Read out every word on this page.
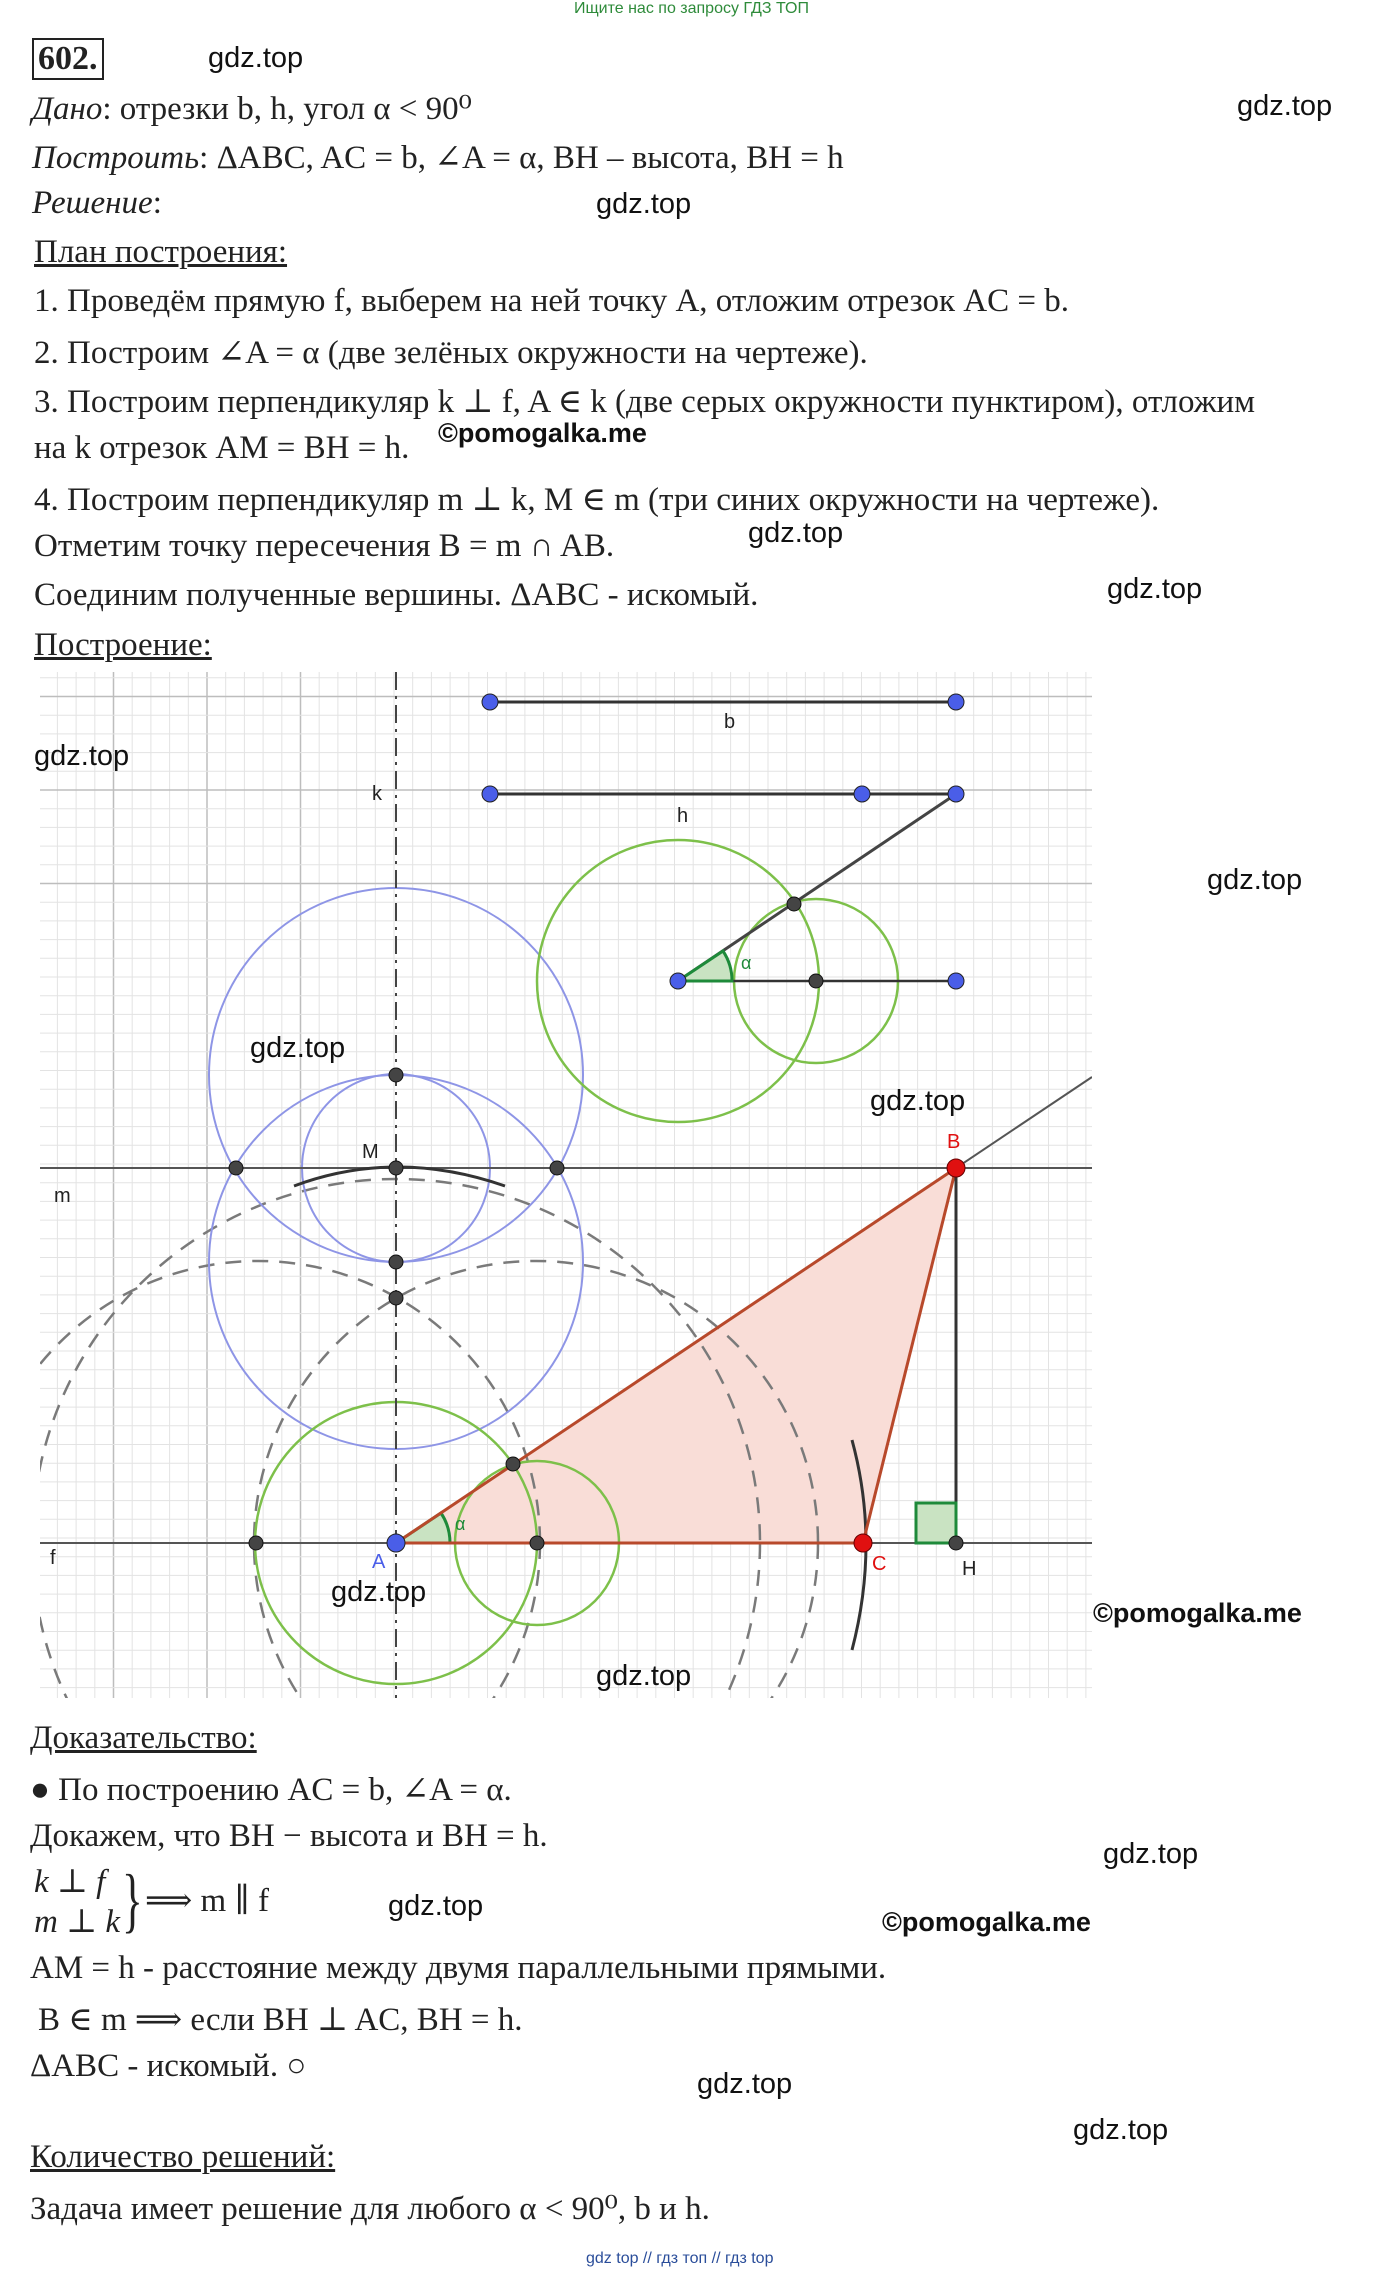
Ищите нас по запросу ГДЗ ТОП
602.	gdz.top
gdz.top
Дано: отрезки b, h, угол α < 90⁰
Построить: ΔABC, AC = b, ∠A = α, BH – высота, BH = h
Решение:	gdz.top
План построения:
1. Проведём прямую f, выберем на ней точку A, отложим отрезок AC = b.
2. Построим ∠A = α (две зелёных окружности на чертеже).
3. Построим перпендикуляр k ⊥ f, A ∈ k (две серых окружности пунктиром), отложим
на k отрезок AM = BH = h. ©pomogalka.me
4. Построим перпендикуляр m ⊥ k, M ∈ m (три синих окружности на чертеже).
Отметим точку пересечения B = m ∩ AB.	gdz.top
Соединим полученные вершины. ΔABC - искомый.	gdz.top
Построение:
b
h
k
m
f
α
α
A
B
C	H
M
gdz.top
gdz.top
gdz.top
gdz.top
gdz.top
©pomogalka.me
gdz.top
Доказательство:
● По построению AC = b, ∠A = α.
Докажем, что BH − высота и BH = h.	gdz.top
k ⊥ f
m ⊥ k } ⟹ m ∥ f	gdz.top	©pomogalka.me
AM = h - расстояние между двумя параллельными прямыми.
B ∈ m ⟹ если BH ⊥ AC, BH = h.
ΔABC - искомый. ○	gdz.top
gdz.top
Количество решений:
Задача имеет решение для любого α < 90⁰, b и h.
gdz top // гдз топ // гдз top
